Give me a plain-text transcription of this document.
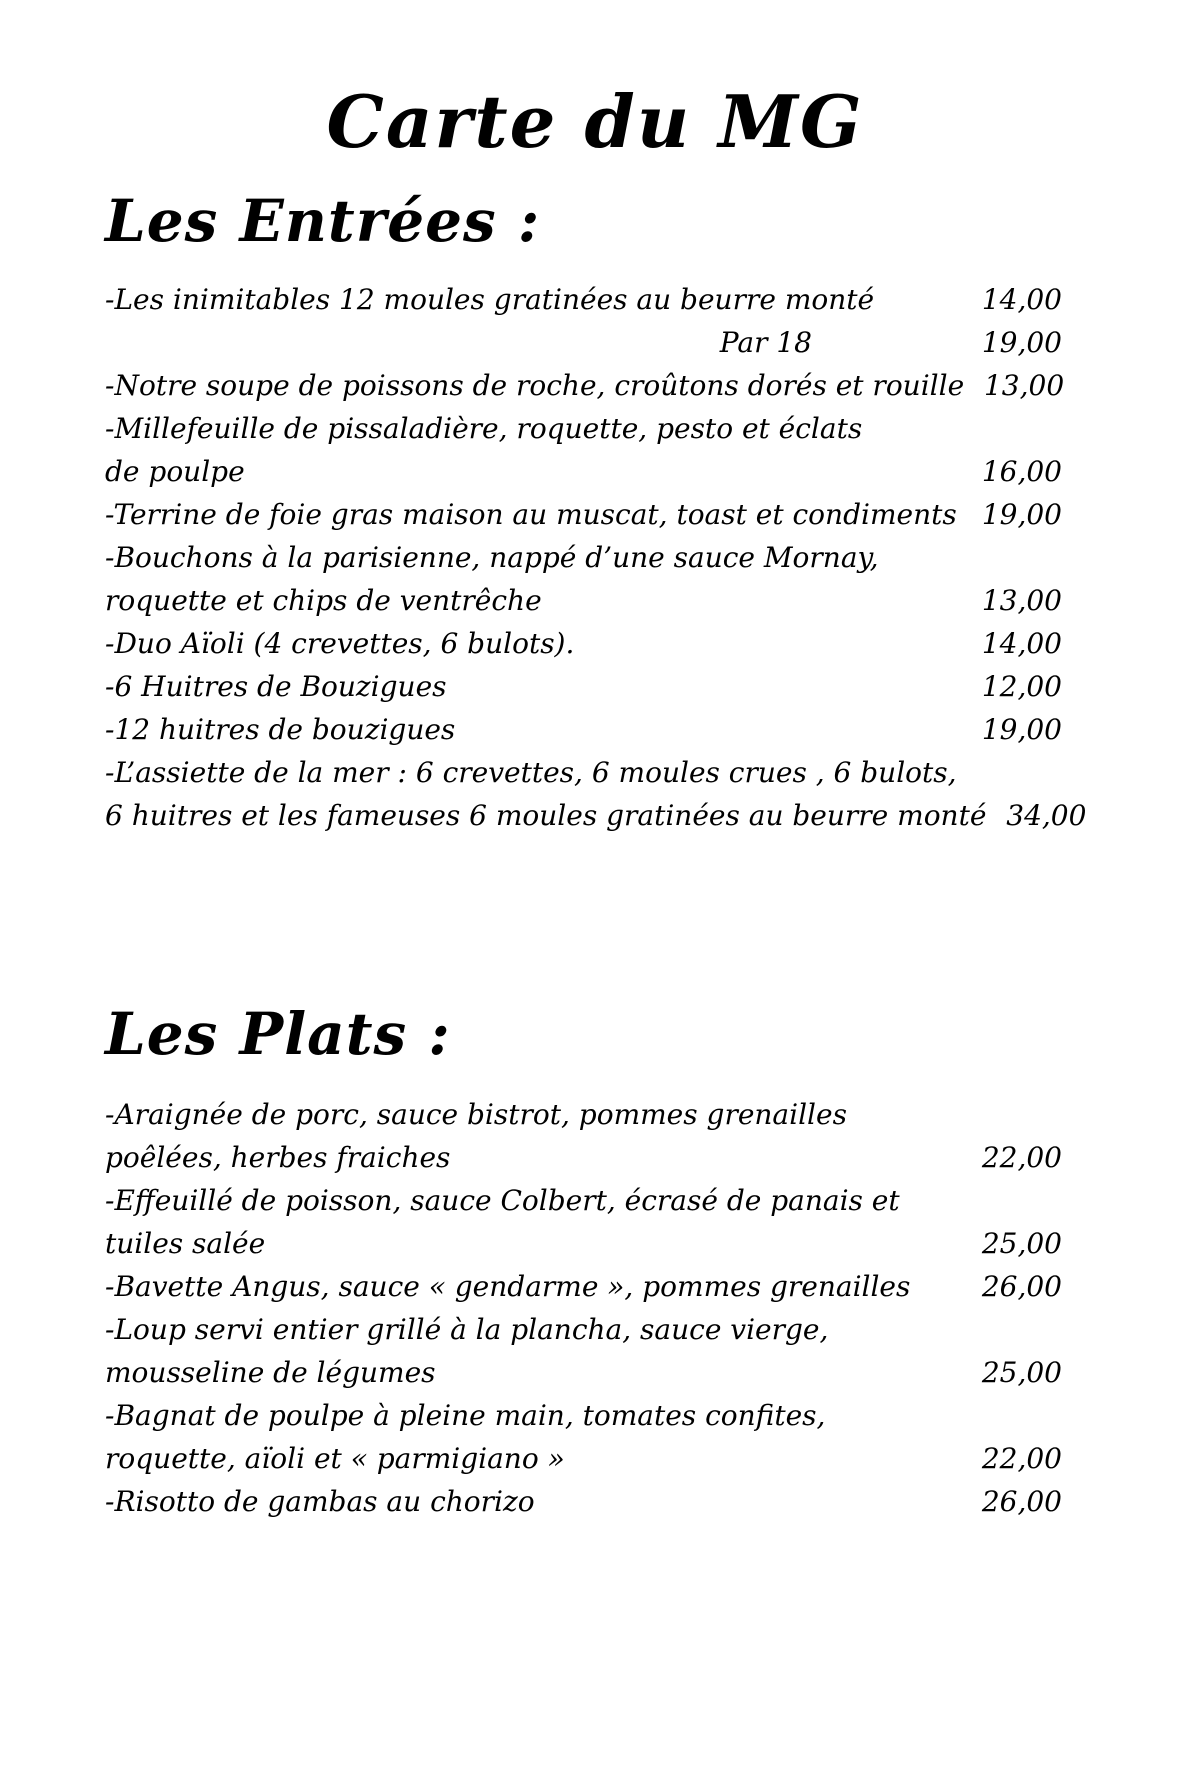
Carte du MG
Les Entrées :
-Les inimitables 12 moules gratinées au beurre monté	14,00
Par 18	19,00
-Notre soupe de poissons de roche, croûtons dorés et rouille 13,00
-Millefeuille de pissaladière, roquette, pesto et éclats
de poulpe	16,00
-Terrine de foie gras maison au muscat, toast et condiments 19,00
-Bouchons à la parisienne, nappé d’une sauce Mornay,
roquette et chips de ventrêche	13,00
-Duo Aïoli (4 crevettes, 6 bulots).	14,00
-6 Huitres de Bouzigues	12,00
-12 huitres de bouzigues	19,00
-L’assiette de la mer : 6 crevettes, 6 moules crues , 6 bulots,
6 huitres et les fameuses 6 moules gratinées au beurre monté 34,00
Les Plats :
-Araignée de porc, sauce bistrot, pommes grenailles
poêlées, herbes fraiches	22,00
-Effeuillé de poisson, sauce Colbert, écrasé de panais et
tuiles salée	25,00
-Bavette Angus, sauce « gendarme », pommes grenailles	26,00
-Loup servi entier grillé à la plancha, sauce vierge,
mousseline de légumes	25,00
-Bagnat de poulpe à pleine main, tomates confites,
roquette, aïoli et « parmigiano »	22,00
-Risotto de gambas au chorizo	26,00
